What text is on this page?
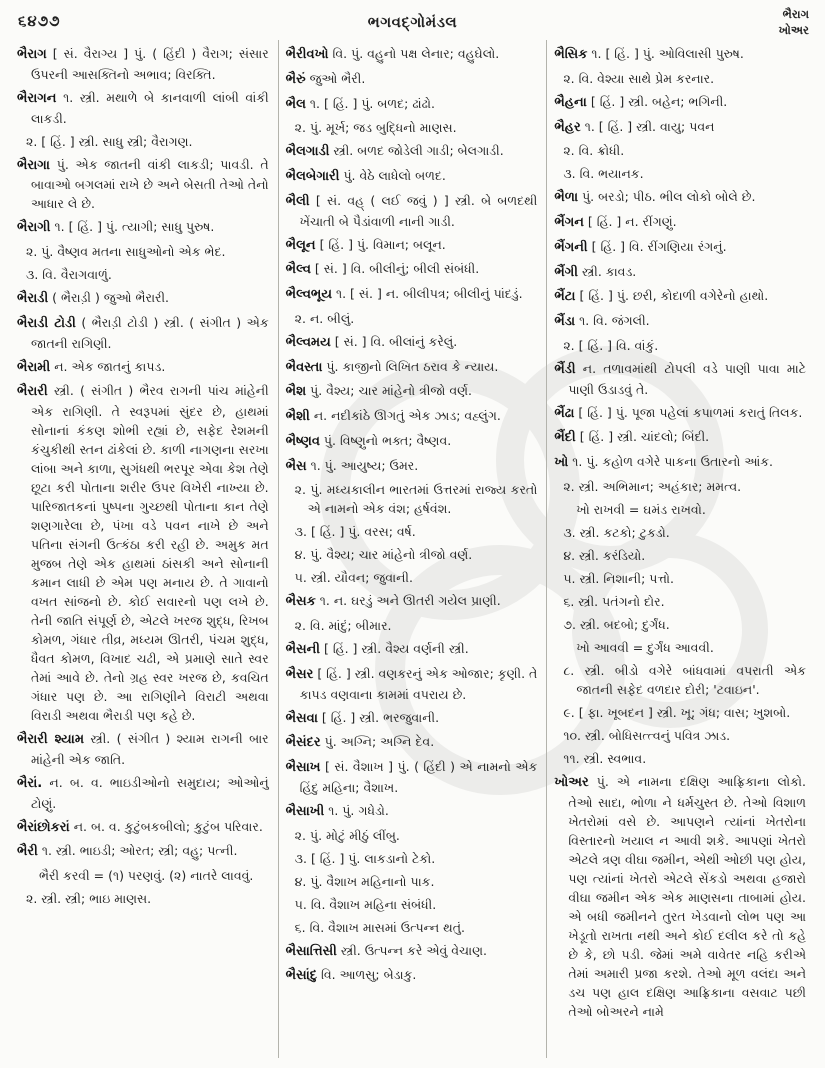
૬૪૭૭	ભગવદ્ગોમંડલ	ભૈરાગ
ખોઅર

ભૈરાગ [ સં. વૈરાગ્ય ] પું. ( હિંદી ) વૈરાગ; સંસાર ઉપરની આસક્તિનો અભાવ; વિરક્તિ.

ભૈરાગન ૧. સ્ત્રી. મથાળે બે કાનવાળી લાંબી વાંકી લાકડી.

૨. [ હિં. ] સ્ત્રી. સાધુ સ્ત્રી; વૈરાગણ.

ભૈરાગા પું. એક જાતની વાંકી લાકડી; પાવડી. તે બાવાઓ બગલમાં રાખે છે અને બેસતી તેઓ તેનો આધાર લે છે.

ભૈરાગી ૧. [ હિં. ] પું. ત્યાગી; સાધુ પુરુષ.

૨. પું. વૈષ્ણવ મતના સાધુઓનો એક ભેદ.

૩. વિ. વૈરાગવાળું.

ભૈરાડી ( ભૈરાડ઼ી ) જુઓ ભૈરારી.

ભૈરાડી ટોડી ( ભૈરાડ઼ી ટોડી ) સ્ત્રી. ( સંગીત ) એક જાતની રાગિણી.

ભૈરામી ન. એક જાતનું કાપડ.

ભૈરારી સ્ત્રી. ( સંગીત ) ભૈરવ રાગની પાંચ માંહેની એક રાગિણી. તે સ્વરૂપમાં સુંદર છે, હાથમાં સોનાનાં કંકણ શોભી રહ્યાં છે, સફેદ રેશમની કંચુકીથી સ્તન ઢાંકેલાં છે. કાળી નાગણના સરખા લાંબા અને કાળા, સુગંધથી ભરપૂર એવા કેશ તેણે છૂટા કરી પોતાના શરીર ઉપર વિખેરી નાખ્યા છે. પારિજાતકનાં પુષ્પના ગુચ્છથી પોતાના કાન તેણે શણગારેલા છે, પંખા વડે પવન નાખે છે અને પતિના સંગની ઉત્કંઠા કરી રહી છે. અમુક મત મુજબ તેણે એક હાથમાં ઠાંસકી અને સોનાની કમાન લાધી છે એમ પણ મનાય છે. તે ગાવાનો વખત સાંજનો છે. કોઈ સવારનો પણ લખે છે. તેની જાતિ સંપૂર્ણ છે, એટલે ખરજ શુદ્ધ, રિખબ કોમળ, ગંધાર તીવ્ર, મધ્યમ ઊતરી, પંચમ શુદ્ધ, ધૈવત કોમળ, વિખાદ ચઢી, એ પ્રમાણે સાતે સ્વર તેમાં આવે છે. તેનો ગ્રહ સ્વર ખરજ છે, કવચિત ગંધાર પણ છે. આ રાગિણીને વિરાટી અથવા વિરાડી અથવા ભૈરાડી પણ કહે છે.

ભૈરારી શ્યામ સ્ત્રી. ( સંગીત ) શ્યામ રાગની બાર માંહેની એક જાતિ.

ભૈરાં. ન. બ. વ. ભાઇડીઓનો સમુદાય; ઓઓનું ટોણું.

ભૈરાંછોકરાં ન. બ. વ. કુટુંબકબીલો; કુટુંબ પરિવાર.

ભૈરી ૧. સ્ત્રી. ભાઇડી; ઓરત; સ્ત્રી; વહુ; પત્ની.

ભૈરી કરવી = (૧) પરણવું. (૨) નાતરે લાવવું.

૨. સ્ત્રી. સ્ત્રી; ભાઇ માણસ.

ભૈરીવખો વિ. પું. વહુનો પક્ષ લેનાર; વહુઘેલો.

ભૈરું જુઓ ભૈરી.

ભૈલ ૧. [ હિં. ] પું. બળદ; ઢાંઢો.

૨. પું. મૂર્ખ; જડ બુદ્ધિનો માણસ.

ભૈલગાડી સ્ત્રી. બળદ જોડેલી ગાડી; બેલગાડી.

ભૈલબેગારી પું. વેઠે લાધેલો બળદ.

ભૈલી [ સં. વહ્ ( લઈ જવું ) ] સ્ત્રી. બે બળદથી ખેંચાતી બે પૈડાંવાળી નાની ગાડી.

ભૈલૂન [ હિં. ] પું. વિમાન; બલૂન.

ભૈલ્વ [ સં. ] વિ. બીલીનું; બીલી સંબંધી.

ભૈલ્વભૂય ૧. [ સં. ] ન. બીલીપત્ર; બીલીનું પાંદડું.

૨. ન. બીલું.

ભૈલ્વમય [ સં. ] વિ. બીલાંનું કરેલું.

ભૈવસ્તા પું. કાજીનો લિખિત ઠરાવ કે ન્યાય.

ભૈશ પું. વૈશ્ય; ચાર માંહેનો ત્રીજો વર્ણ.

ભૈશી ન. નદીકાંઠે ઊગતું એક ઝાડ; વહ્લુંગ.

ભૈષ્ણવ પું. વિષ્ણુનો ભક્ત; વૈષ્ણવ.

ભૈસ ૧. પું. આયુષ્ય; ઉમર.

૨. પું. મધ્યકાલીન ભારતમાં ઉત્તરમાં રાજ્ય કરતો એ નામનો એક વંશ; હર્ષવંશ.

૩. [ હિં. ] પું. વરસ; વર્ષ.

૪. પું. વૈશ્ય; ચાર માંહેનો ત્રીજો વર્ણ.

૫. સ્ત્રી. યૌવન; જુવાની.

ભૈસક ૧. ન. ઘરડું અને ઊતરી ગયેલ પ્રાણી.

૨. વિ. માંદું; બીમાર.

ભૈસની [ હિં. ] સ્ત્રી. વૈશ્ય વર્ણની સ્ત્રી.

ભૈસર [ હિં. ] સ્ત્રી. વણકરનું એક ઓજાર; કૃણી. તે કાપડ વણવાના કામમાં વપરાય છે.

ભૈસવા [ હિં. ] સ્ત્રી. ભરજુવાની.

ભૈસંદર પું. અગ્નિ; અગ્નિ દેવ.

ભૈસાખ [ સં. વૈશાખ ] પું. ( હિંદી ) એ નામનો એક હિંદુ મહિના; વૈશાખ.

ભૈસાખી ૧. પું. ગધેડો.

૨. પું. મોટું મીઠું લીંબુ.

૩. [ હિં. ] પું. લાકડાનો ટેકો.

૪. પું. વૈશાખ મહિનાનો પાક.

૫. વિ. વૈશાખ મહિના સંબંધી.

૬. વિ. વૈશાખ માસમાં ઉત્પન્ન થતું.

ભૈસાત્તિસી સ્ત્રી. ઉત્પન્ન કરે એવું વેચાણ.

ભૈસાંદુ વિ. આળસુ; બેડાકુ.

ભૈસિક ૧. [ હિં. ] પું. ઓવિલાસી પુરુષ.

૨. વિ. વેશ્યા સાથે પ્રેમ કરનાર.

ભૈહના [ હિં. ] સ્ત્રી. બહેન; ભગિની.

ભૈહર ૧. [ હિં. ] સ્ત્રી. વાયુ; પવન

૨. વિ. ક્રોધી.

૩. વિ. ભયાનક.

ભૈળા પું. બરડો; પીઠ. ભીલ લોકો બોલે છે.

ભૈંગન [ હિં. ] ન. રીંગણું.

ભૈંગની [ હિં. ] વિ. રીંગણિયા રંગનું.

ભૈંગી સ્ત્રી. કાવડ.

ભૈંટા [ હિં. ] પું. છરી, કોદાળી વગેરેનો હાથો.

ભૈંડા ૧. વિ. જંગલી.

૨. [ હિં. ] વિ. વાંકું.

ભૈંડી ન. તળાવમાંથી ટોપલી વડે પાણી પાવા માટે પાણી ઉડાડવું તે.

ભૈંઢા [ હિં. ] પું. પૂજા પહેલાં કપાળમાં કરાતું તિલક.

ભૈંદી [ હિં. ] સ્ત્રી. ચાંદલો; બિંદી.

ખો ૧. પું. કહોળ વગેરે પાકના ઉતારનો આંક.

૨. સ્ત્રી. અભિમાન; અહંકાર; મમત્વ.

ખો રાખવી = ઘમંડ રાખવો.

૩. સ્ત્રી. કટકો; ટુકડો.

૪. સ્ત્રી. કરંડિયો.

૫. સ્ત્રી. નિશાની; પત્તો.

૬. સ્ત્રી. પતંગનો દોર.

૭. સ્ત્રી. બદબો; દુર્ગંધ.

ખો આવવી = દુર્ગંધ આવવી.

૮. સ્ત્રી. બીડો વગેરે બાંધવામાં વપરાતી એક જાતની સફેદ વળદાર દોરી; 'ટવાઇન'.

૯. [ ફા. ખૂબદન ] સ્ત્રી. ખૂ; ગંધ; વાસ; ખુશબો.

૧૦. સ્ત્રી. બોધિસત્ત્વનું પવિત્ર ઝાડ.

૧૧. સ્ત્રી. સ્વભાવ.

ખોઅર પું. એ નામના દક્ષિણ આફ્રિકાના લોકો. તેઓ સાદા, ભોળા ને ધર્મચુસ્ત છે. તેઓ વિશાળ ખેતરોમાં વસે છે. આપણને ત્યાંનાં ખેતરોના વિસ્તારનો ખયાલ ન આવી શકે. આપણાં ખેતરો એટલે ત્રણ વીઘા જમીન, એથી ઓછી પણ હોય, પણ ત્યાંનાં ખેતરો એટલે સેંકડો અથવા હજારો વીઘા જમીન એક એક માણસના તાબામાં હોય. એ બધી જમીનને તુરત ખેડવાનો લોભ પણ આ ખેડૂતો રાખતા નથી અને કોઈ દલીલ કરે તો કહે છે કે, છો પડી. જેમાં અમે વાવેતર નહિ કરીએ તેમાં અમારી પ્રજા કરશે. તેઓ મૂળ વલંદા અને ડચ પણ હાલ દક્ષિણ આફ્રિકાના વસવાટ પછી તેઓ બોઅરને નામે
